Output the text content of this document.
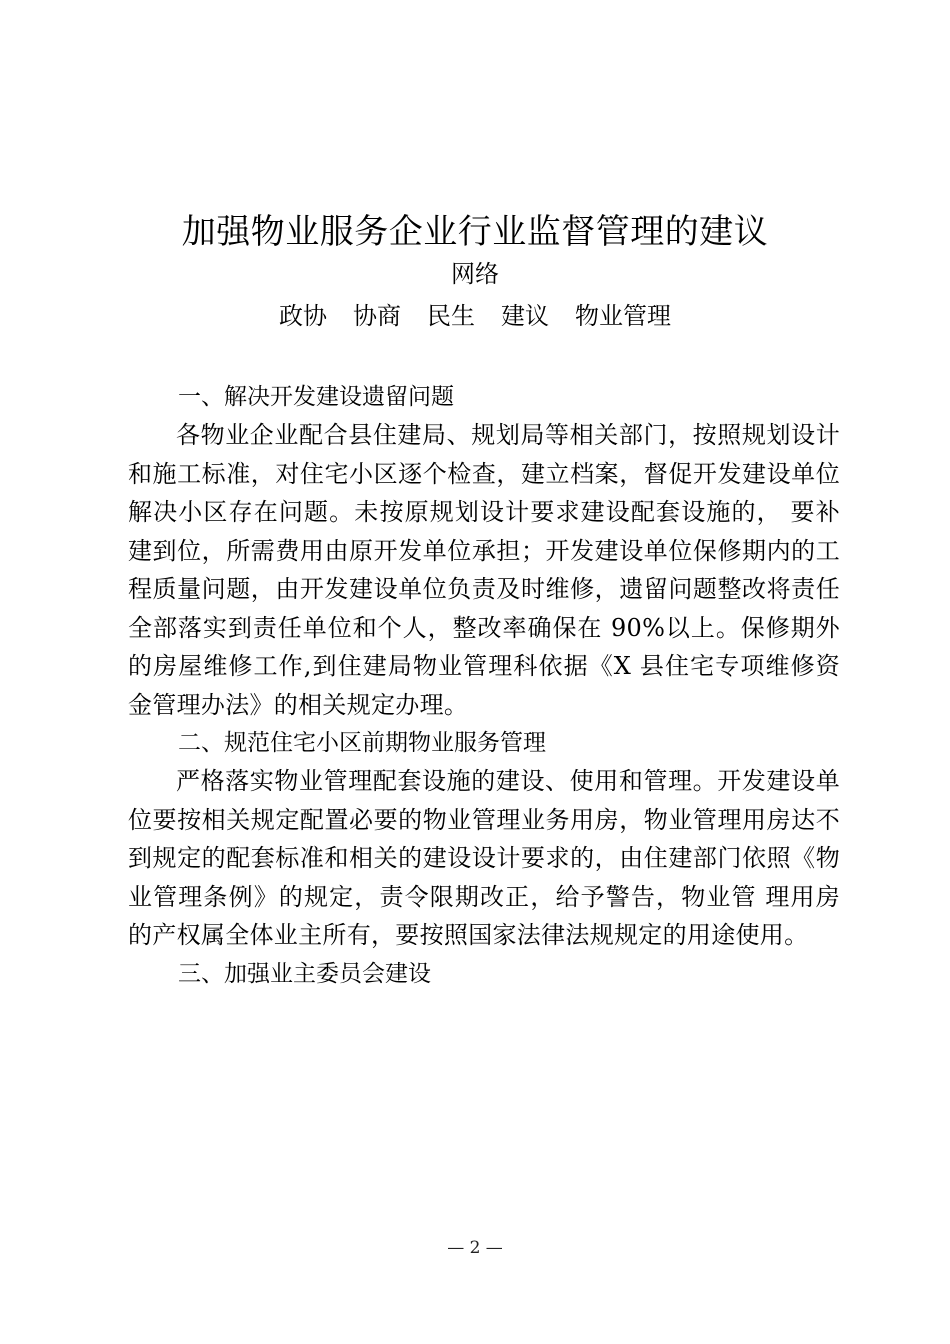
加强物业服务企业行业监督管理的建议
网络
政协 协商 民生 建议 物业管理

一、解决开发建设遗留问题

各物业企业配合县住建局、规划局等相关部门，按照规划设计和施工标准，对住宅小区逐个检查，建立档案，督促开发建设单位解决小区存在问题。未按原规划设计要求建设配套设施的， 要补建到位，所需费用由原开发单位承担；开发建设单位保修期内的工程质量问题，由开发建设单位负责及时维修，遗留问题整改将责任全部落实到责任单位和个人，整改率确保在 90%以上。保修期外的房屋维修工作,到住建局物业管理科依据《X 县住宅专项维修资金管理办法》的相关规定办理。

二、规范住宅小区前期物业服务管理

严格落实物业管理配套设施的建设、使用和管理。开发建设单位要按相关规定配置必要的物业管理业务用房，物业管理用房达不到规定的配套标准和相关的建设设计要求的，由住建部门依照《物业管理条例》的规定，责令限期改正，给予警告，物业管 理用房的产权属全体业主所有，要按照国家法律法规规定的用途使用。

三、加强业主委员会建设

— 2 —
